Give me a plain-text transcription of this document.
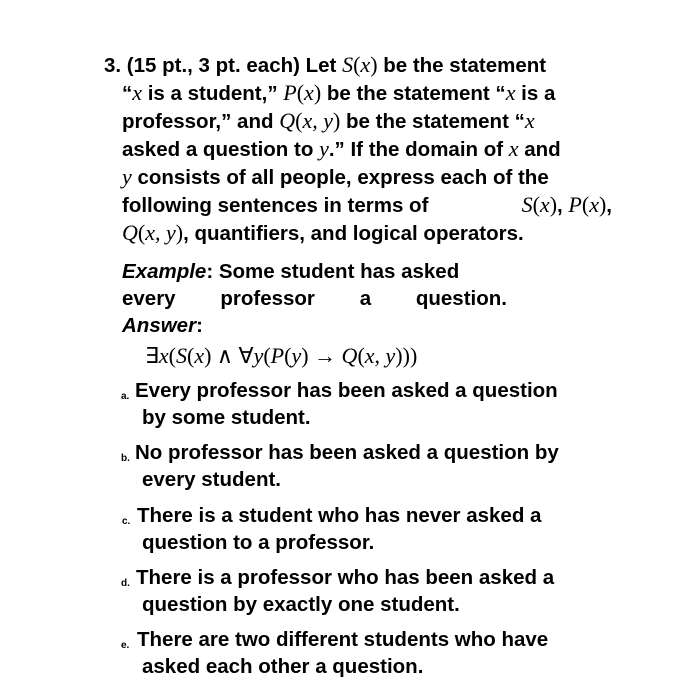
3. (15 pt., 3 pt. each) Let S(x) be the statement
“x is a student,” P(x) be the statement “x is a
professor,” and Q(x, y) be the statement “x
asked a question to y.” If the domain of x and
y consists of all people, express each of the
following sentences in terms of	S(x), P(x),
Q(x, y), quantifiers, and logical operators.
Example: Some student has asked
every professor a question.
Answer:
∃x(S(x) ∧ ∀y(P(y) → Q(x, y)))
a. Every professor has been asked a question
by some student.
b. No professor has been asked a question by
every student.
c. There is a student who has never asked a
question to a professor.
d. There is a professor who has been asked a
question by exactly one student.
e. There are two different students who have
asked each other a question.
